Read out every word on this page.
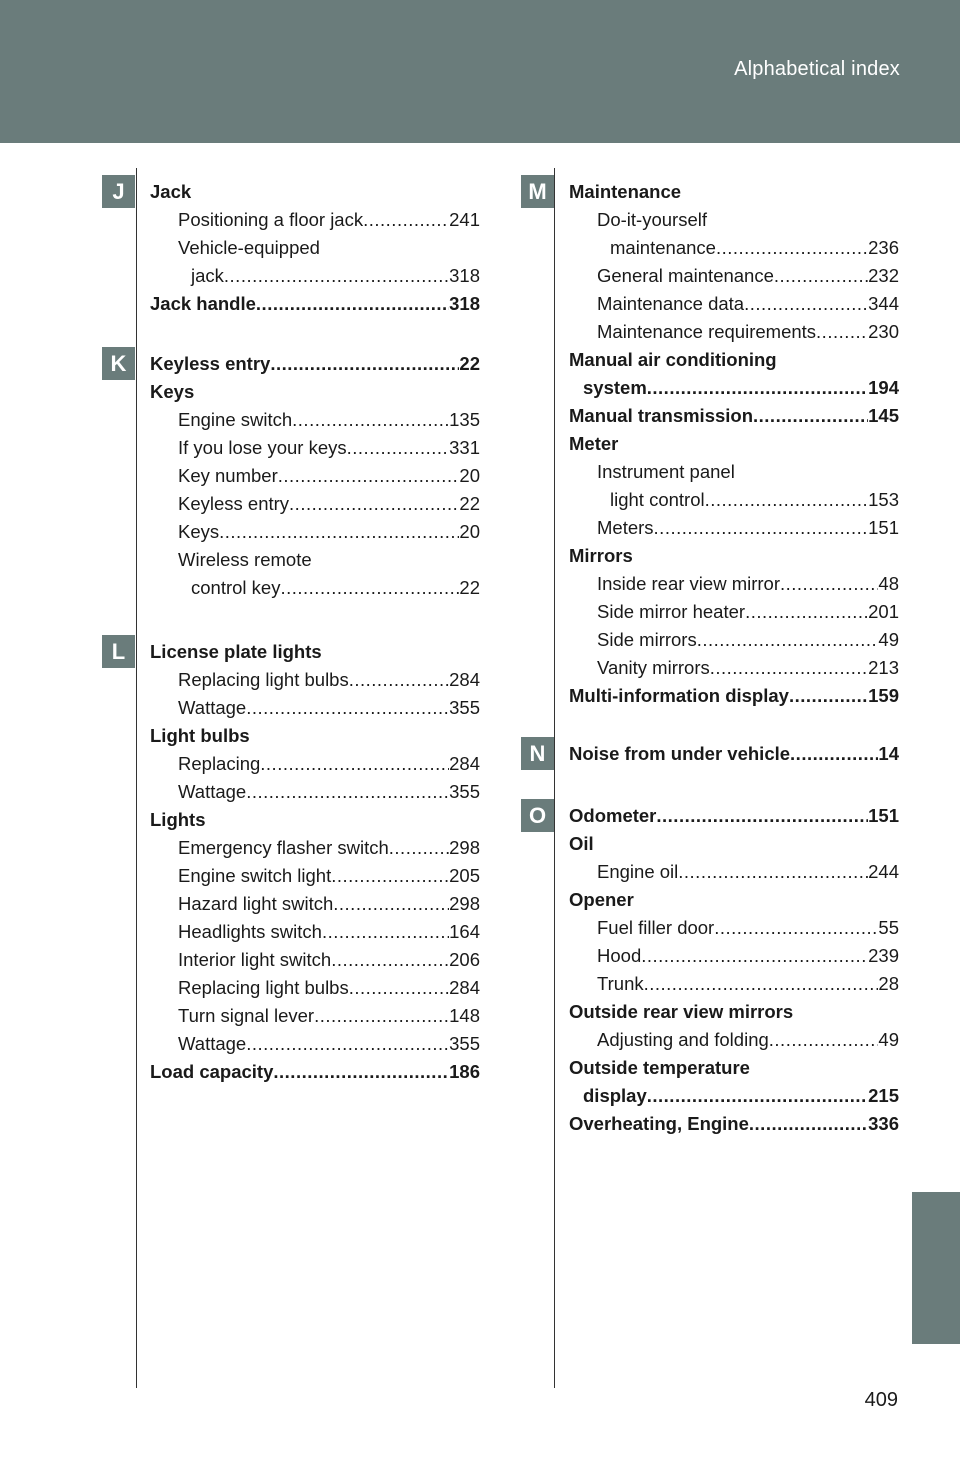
Alphabetical index
J	Jack
Positioning a floor jack .....	241
Vehicle-equipped
jack .....	318
Jack handle .....	318
K	Keyless entry .....	22
Keys
Engine switch .....	135
If you lose your keys .....	331
Key number .....	20
Keyless entry .....	22
Keys .....	20
Wireless remote
control key .....	22
L	License plate lights
Replacing light bulbs .....	284
Wattage .....	355
Light bulbs
Replacing .....	284
Wattage .....	355
Lights
Emergency flasher switch .....	298
Engine switch light .....	205
Hazard light switch .....	298
Headlights switch .....	164
Interior light switch .....	206
Replacing light bulbs .....	284
Turn signal lever .....	148
Wattage .....	355
Load capacity .....	186
M	Maintenance
Do-it-yourself
maintenance .....	236
General maintenance .....	232
Maintenance data .....	344
Maintenance requirements .....	230
Manual air conditioning
system .....	194
Manual transmission .....	145
Meter
Instrument panel
light control .....	153
Meters .....	151
Mirrors
Inside rear view mirror .....	48
Side mirror heater .....	201
Side mirrors .....	49
Vanity mirrors .....	213
Multi-information display .....	159
N	Noise from under vehicle .....	14
O	Odometer .....	151
Oil
Engine oil .....	244
Opener
Fuel filler door .....	55
Hood .....	239
Trunk .....	28
Outside rear view mirrors
Adjusting and folding .....	49
Outside temperature
display .....	215
Overheating, Engine .....	336
409
